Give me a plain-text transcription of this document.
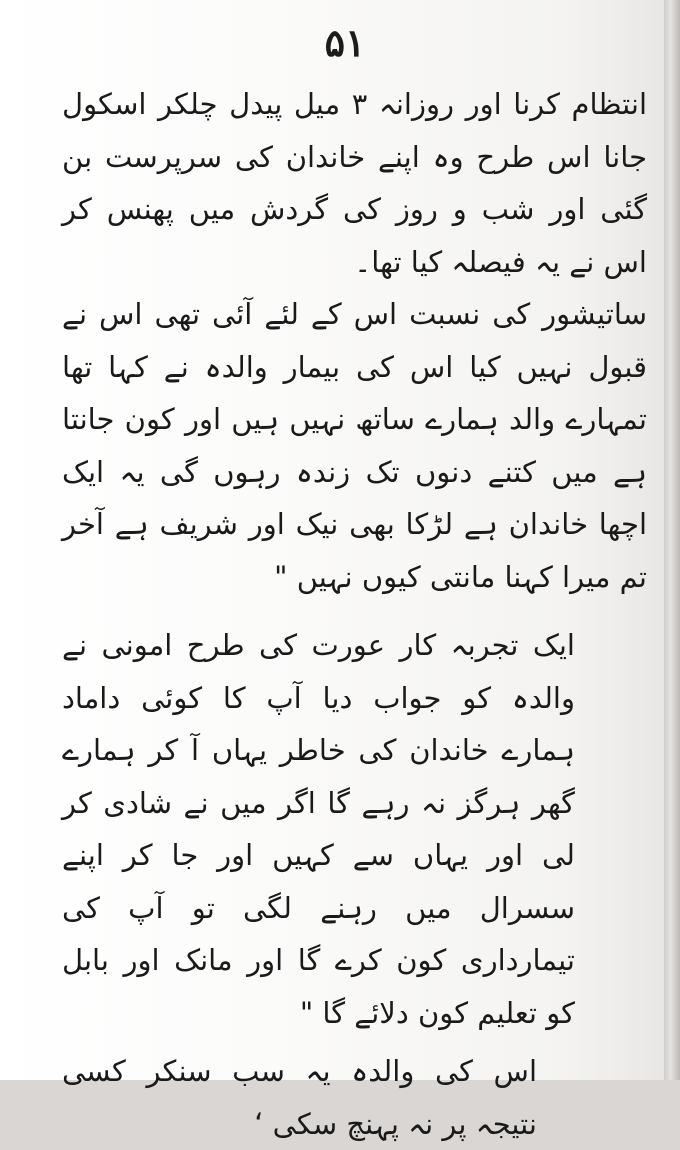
۵۱

انتظام کرنا اور روزانہ ۳ میل پیدل چلکر اسکول جانا اس طرح وہ اپنے خاندان کی سرپرست بن گئی اور شب و روز کی گردش میں پھنس کر اس نے یہ فیصلہ کیا تھا۔

ساتیشور کی نسبت اس کے لئے آئی تھی اس نے قبول نہیں کیا اس کی بیمار والدہ نے کہا تھا تمہارے والد ہمارے ساتھ نہیں ہیں اور کون جانتا ہے میں کتنے دنوں تک زندہ رہوں گی یہ ایک اچھا خاندان ہے لڑکا بھی نیک اور شریف ہے آخر تم میرا کہنا مانتی کیوں نہیں "

ایک تجربہ کار عورت کی طرح امونی نے والدہ کو جواب دیا آپ کا کوئی داماد ہمارے خاندان کی خاطر یہاں آ کر ہمارے گھر ہرگز نہ رہے گا اگر میں نے شادی کر لی اور یہاں سے کہیں اور جا کر اپنے سسرال میں رہنے لگی تو آپ کی تیمارداری کون کرے گا اور مانک اور بابل کو تعلیم کون دلائے گا "

اس کی والدہ یہ سب سنکر کسی نتیجہ پر نہ پہنچ سکی ‘
